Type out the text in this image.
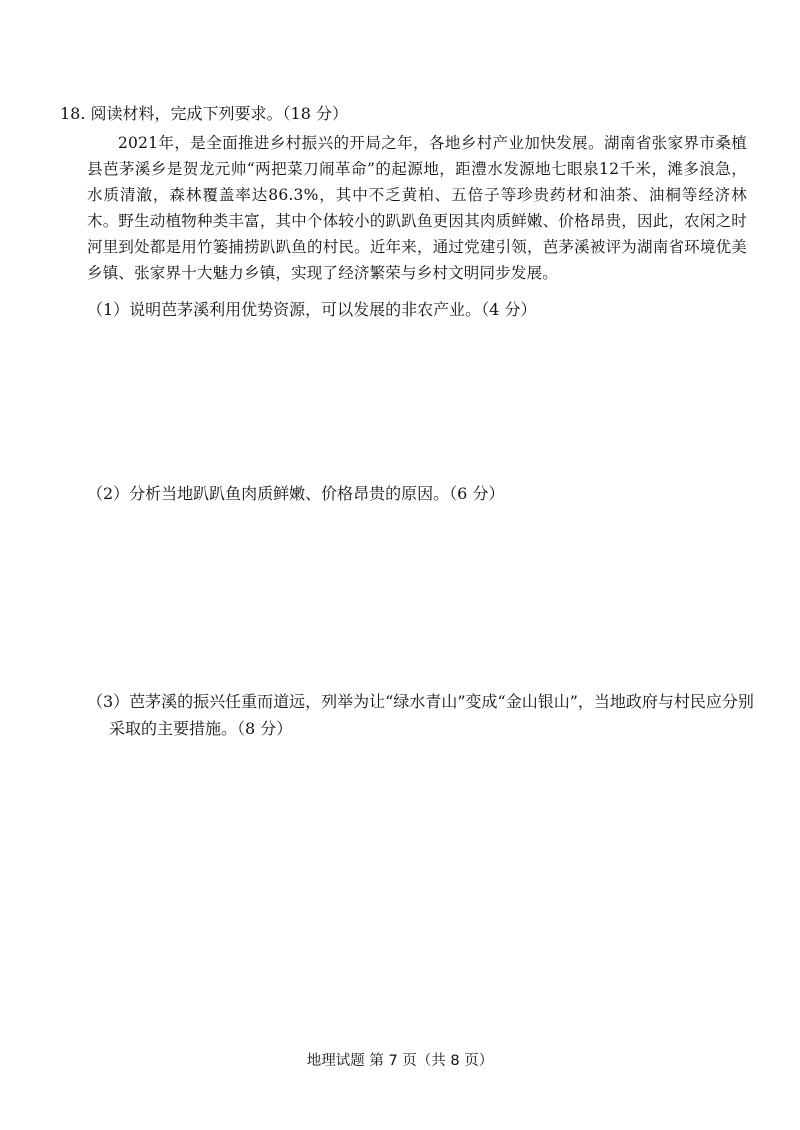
18. 阅读材料，完成下列要求。（18 分）
2021年，是全面推进乡村振兴的开局之年，各地乡村产业加快发展。湖南省张家界市桑植县芭茅溪乡是贺龙元帅“两把菜刀闹革命”的起源地，距澧水发源地七眼泉12千米，滩多浪急，水质清澈，森林覆盖率达86.3%，其中不乏黄柏、五倍子等珍贵药材和油茶、油桐等经济林木。野生动植物种类丰富，其中个体较小的趴趴鱼更因其肉质鲜嫩、价格昂贵，因此，农闲之时河里到处都是用竹篓捕捞趴趴鱼的村民。近年来，通过党建引领，芭茅溪被评为湖南省环境优美乡镇、张家界十大魅力乡镇，实现了经济繁荣与乡村文明同步发展。
（1）说明芭茅溪利用优势资源，可以发展的非农产业。（4 分）
（2）分析当地趴趴鱼肉质鲜嫩、价格昂贵的原因。（6 分）
（3）芭茅溪的振兴任重而道远，列举为让“绿水青山”变成“金山银山”，当地政府与村民应分别
采取的主要措施。（8 分）
地理试题 第 7 页（共 8 页）
